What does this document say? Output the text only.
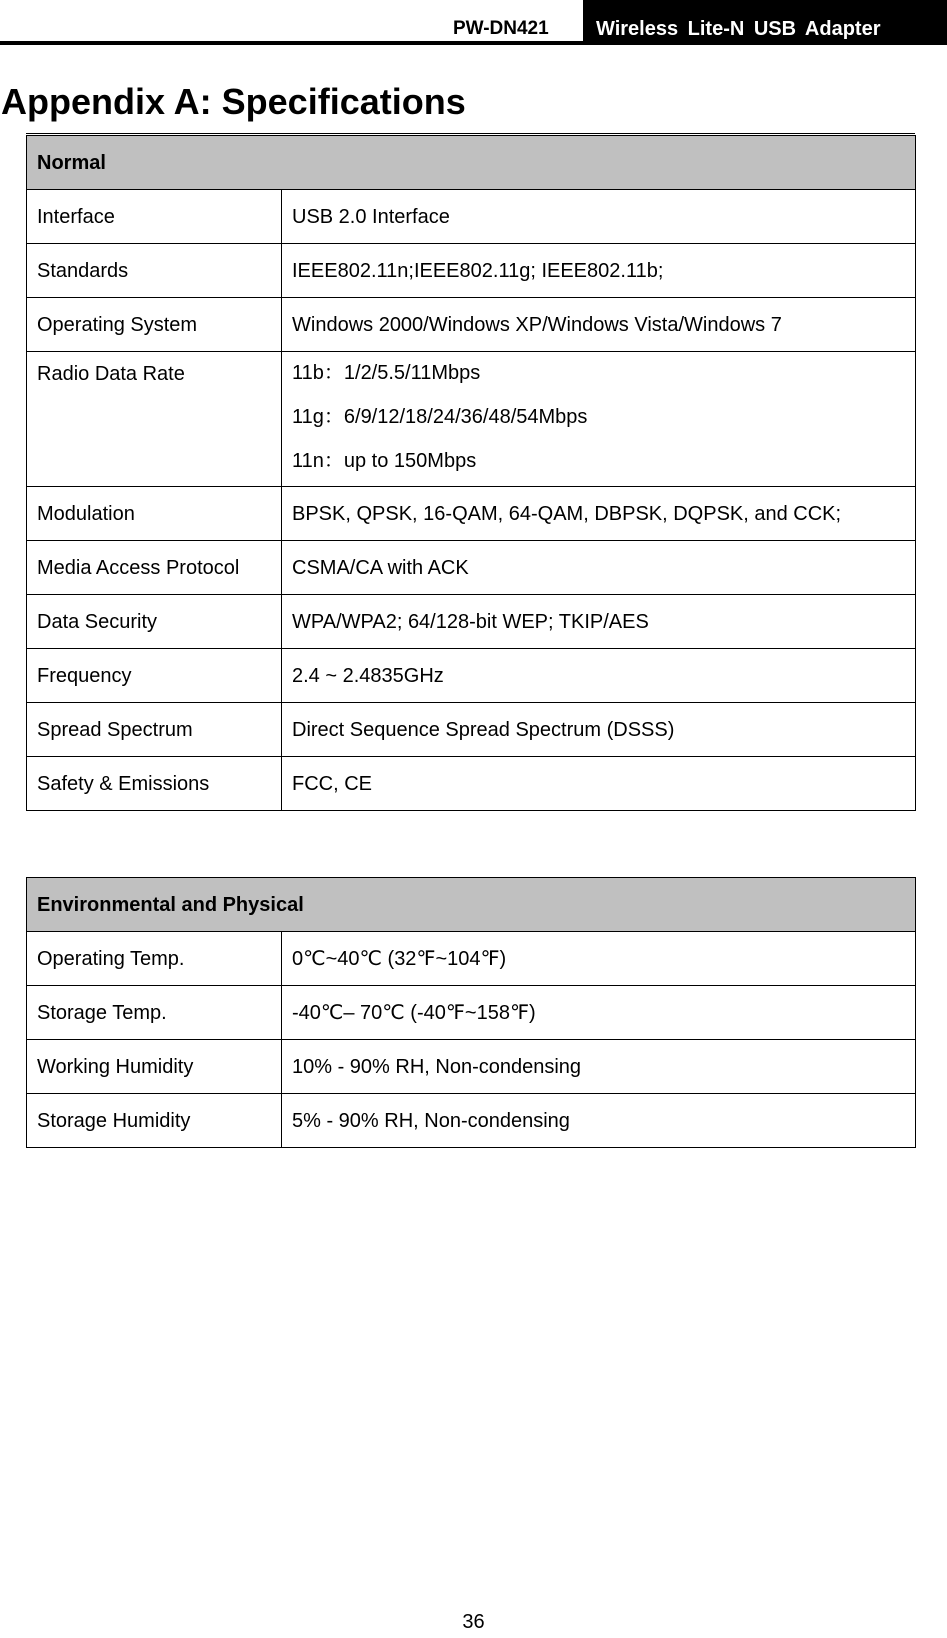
PW-DN421	Wireless Lite-N USB Adapter
Appendix A: Specifications
Normal	
Interface	USB 2.0 Interface
Standards	IEEE802.11n;IEEE802.11g; IEEE802.11b;
Operating System	Windows 2000/Windows XP/Windows Vista/Windows 7
Radio Data Rate	11b：1/2/5.5/11Mbps
11g：6/9/12/18/24/36/48/54Mbps
11n：up to 150Mbps

Modulation	BPSK, QPSK, 16-QAM, 64-QAM, DBPSK, DQPSK, and CCK;
Media Access Protocol	CSMA/CA with ACK
Data Security	WPA/WPA2; 64/128-bit WEP; TKIP/AES
Frequency	2.4 ~ 2.4835GHz
Spread Spectrum	Direct Sequence Spread Spectrum (DSSS)
Safety & Emissions	FCC, CE
Environmental and Physical	
Operating Temp.	0℃~40℃ (32℉~104℉)
Storage Temp.	-40℃– 70℃ (-40℉~158℉)
Working Humidity	10% - 90% RH, Non-condensing
Storage Humidity	5% - 90% RH, Non-condensing
36
